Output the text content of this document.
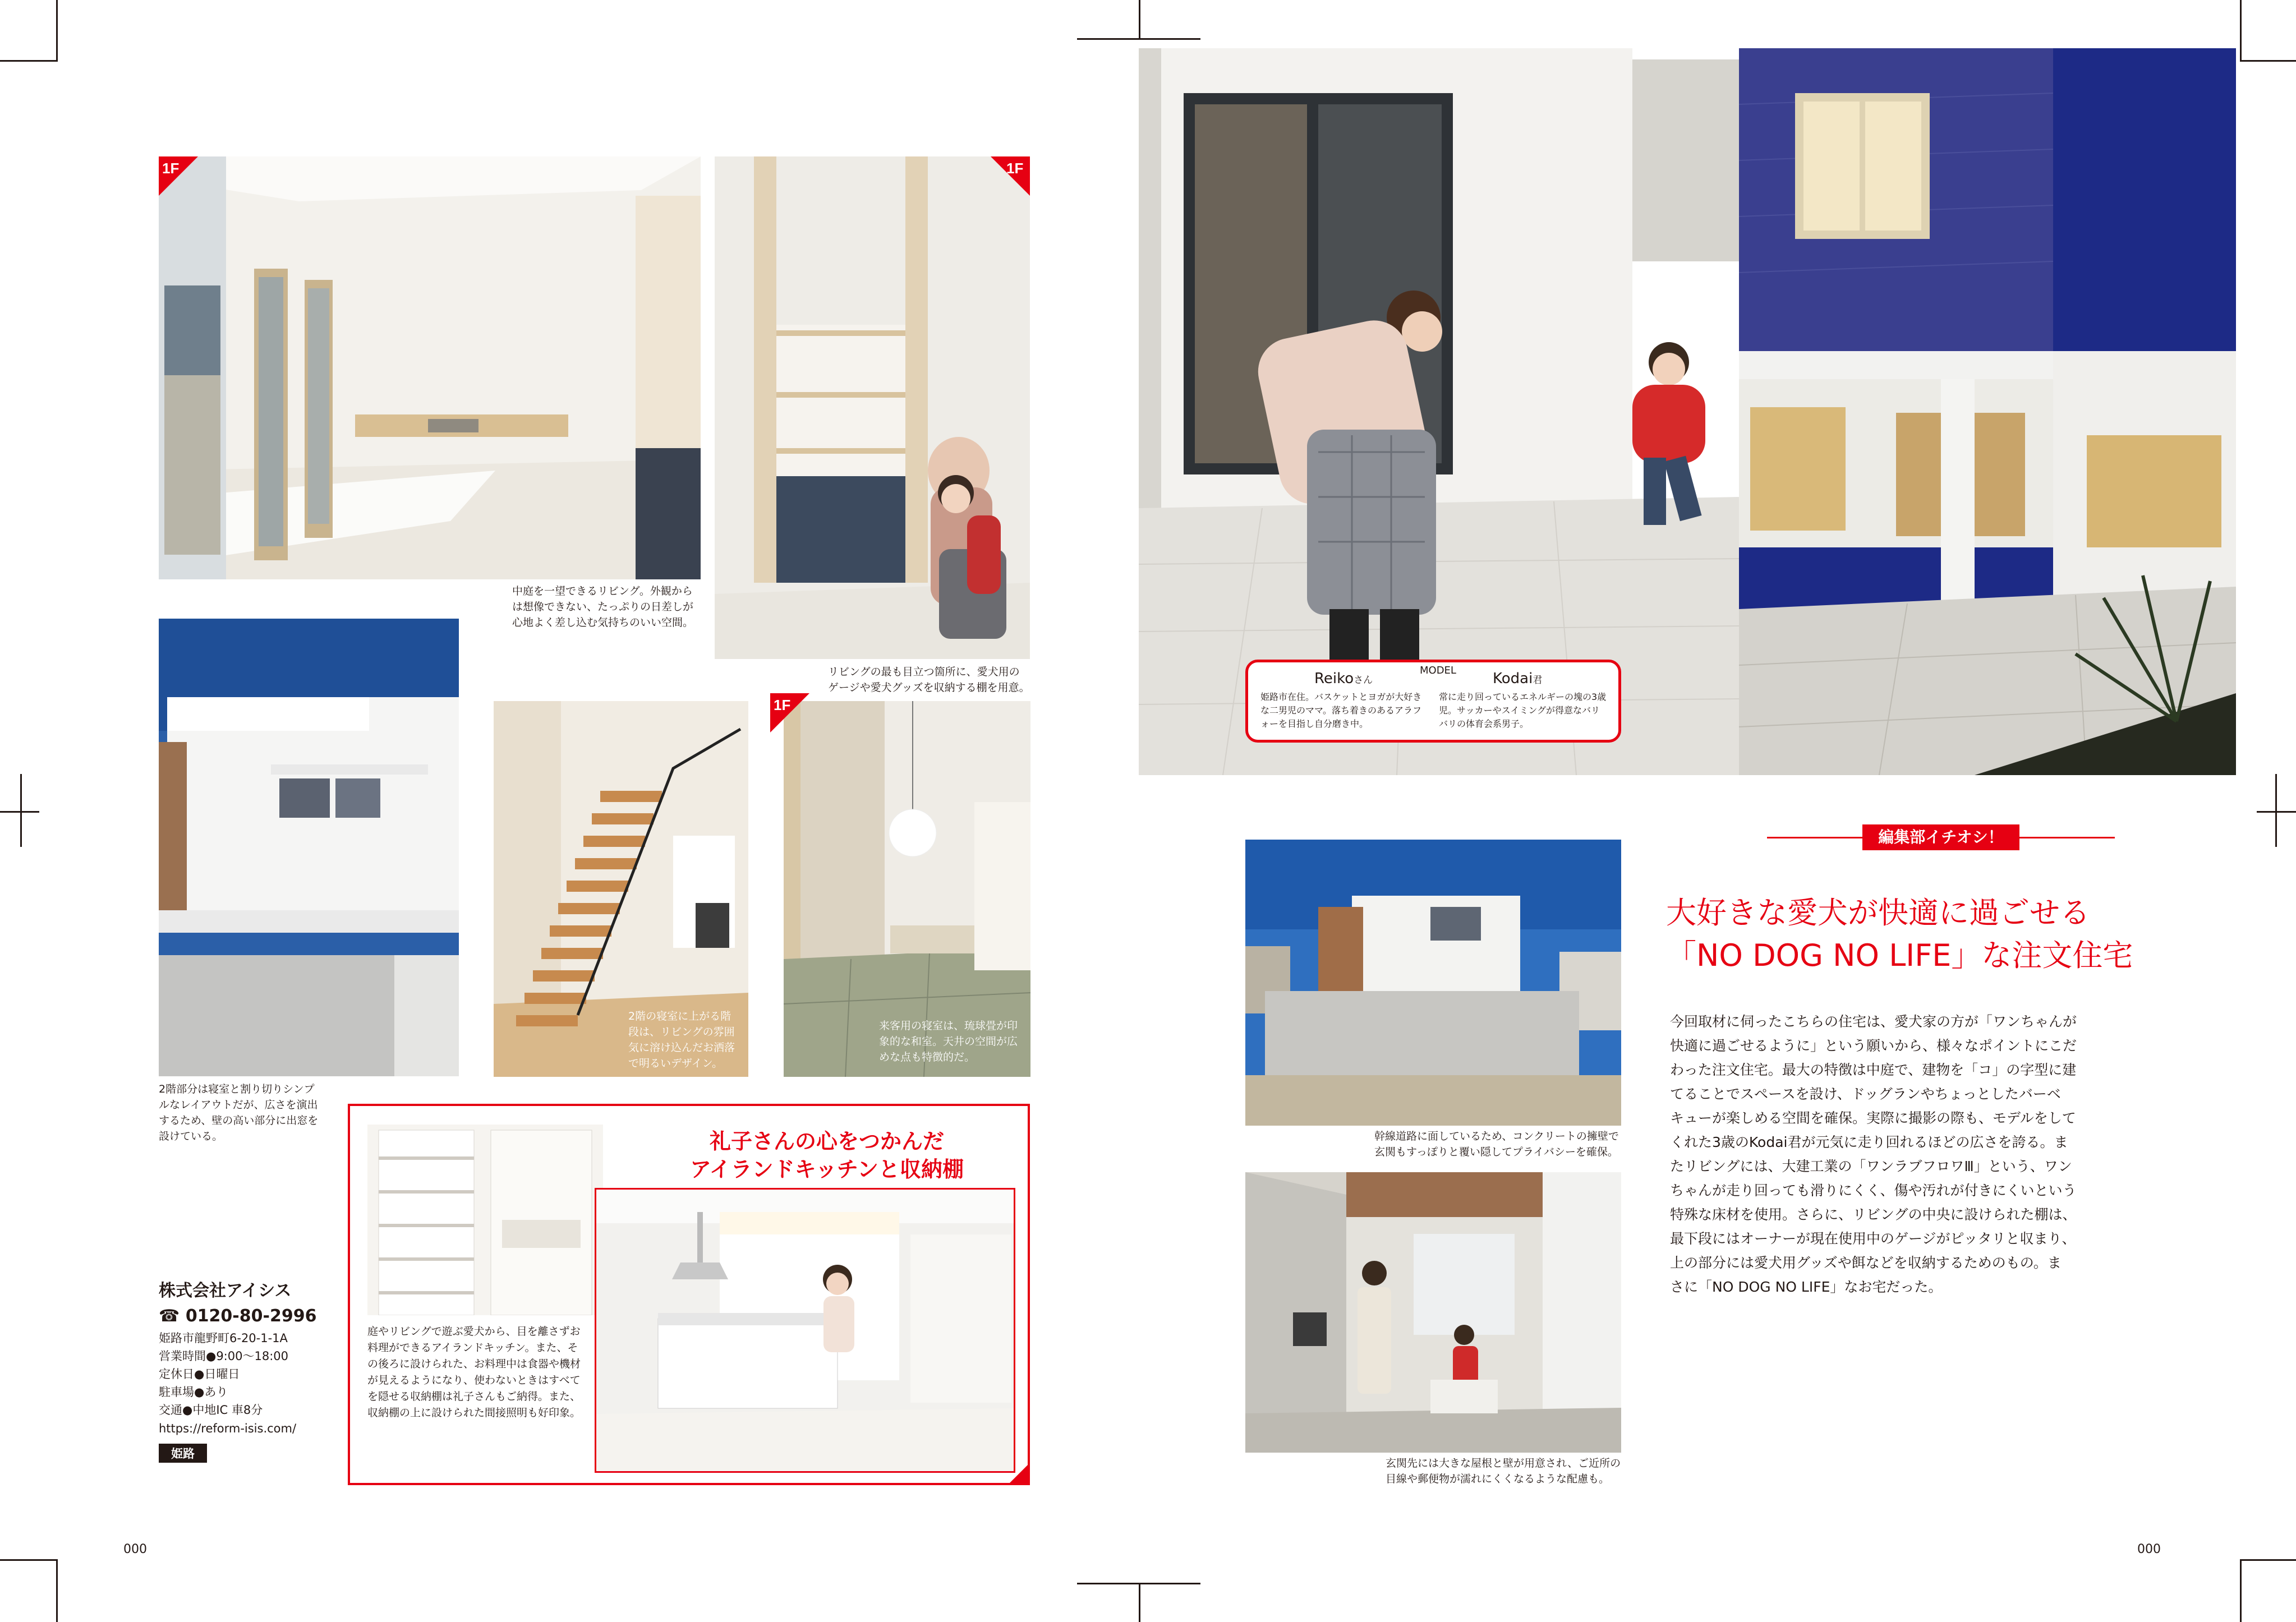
1F
中庭を一望できるリビング。外観からは想像できない、たっぷりの日差しが心地よく差し込む気持ちのいい空間。
1F
リビングの最も目立つ箇所に、愛犬用のゲージや愛犬グッズを収納する棚を用意。
2階部分は寝室と割り切りシンプルなレイアウトだが、広さを演出するため、壁の高い部分に出窓を設けている。
2階の寝室に上がる階段は、リビングの雰囲気に溶け込んだお洒落で明るいデザイン。
来客用の寝室は、琉球畳が印象的な和室。天井の空間が広めな点も特徴的だ。
1F
株式会社アイシス
☎ 0120-80-2996
姫路市龍野町6-20-1-1A
営業時間●9:00～18:00
定休日●日曜日
駐車場●あり
交通●中地IC 車8分
https://reform-isis.com/
姫路
礼子さんの心をつかんだ
アイランドキッチンと収納棚
庭やリビングで遊ぶ愛犬から、目を離さずお料理ができるアイランドキッチン。また、その後ろに設けられた、お料理中は食器や機材が見えるようになり、使わないときはすべてを隠せる収納棚は礼子さんもご納得。また、収納棚の上に設けられた間接照明も好印象。
000
MODEL
Reikoさん	Kodai君
姫路市在住。バスケットとヨガが大好きな二男児のママ。落ち着きのあるアラフォーを目指し自分磨き中。
常に走り回っているエネルギーの塊の3歳児。サッカーやスイミングが得意なバリバリの体育会系男子。
編集部イチオシ！
大好きな愛犬が快適に過ごせる
「NO DOG NO LIFE」な注文住宅
今回取材に伺ったこちらの住宅は、愛犬家の方が「ワンちゃんが
快適に過ごせるように」という願いから、様々なポイントにこだ
わった注文住宅。最大の特徴は中庭で、建物を「コ」の字型に建
てることでスペースを設け、ドッグランやちょっとしたバーベ
キューが楽しめる空間を確保。実際に撮影の際も、モデルをして
くれた3歳のKodai君が元気に走り回れるほどの広さを誇る。ま
たリビングには、大建工業の「ワンラブフロワⅢ」という、ワン
ちゃんが走り回っても滑りにくく、傷や汚れが付きにくいという
特殊な床材を使用。さらに、リビングの中央に設けられた棚は、
最下段にはオーナーが現在使用中のゲージがピッタリと収まり、
上の部分には愛犬用グッズや餌などを収納するためのもの。ま
さに「NO DOG NO LIFE」なお宅だった。
幹線道路に面しているため、コンクリートの擁壁で玄関もすっぽりと覆い隠してプライバシーを確保。
玄関先には大きな屋根と壁が用意され、ご近所の目線や郵便物が濡れにくくなるような配慮も。
000
